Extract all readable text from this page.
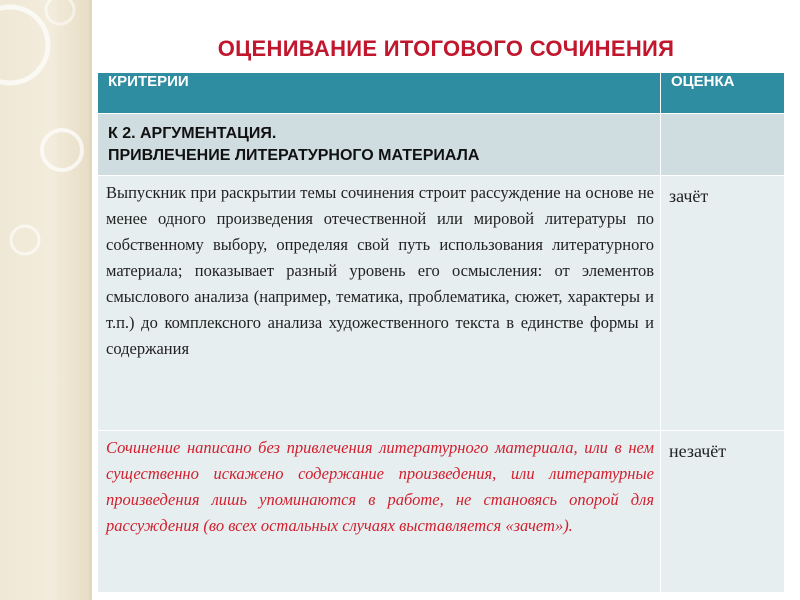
ОЦЕНИВАНИЕ ИТОГОВОГО СОЧИНЕНИЯ
КРИТЕРИИ	ОЦЕНКА

К 2. АРГУМЕНТАЦИЯ.
ПРИВЛЕЧЕНИЕ ЛИТЕРАТУРНОГО МАТЕРИАЛА	

Выпускник при раскрытии темы сочинения строит рассуждение на основе не менее одного произведения отечественной или мировой литературы по собственному выбору, определяя свой путь использования литературного материала; показывает разный уровень его осмысления: от элементов смыслового анализа (например, тематика, проблематика, сюжет, характеры и т.п.) до комплексного анализа художественного текста в единстве формы и содержания	зачёт

Сочинение написано без привлечения литературного материала, или в нем существенно искажено содержание произведения, или литературные произведения лишь упоминаются в работе, не становясь опорой для рассуждения (во всех остальных случаях выставляется «зачет»).	незачёт
